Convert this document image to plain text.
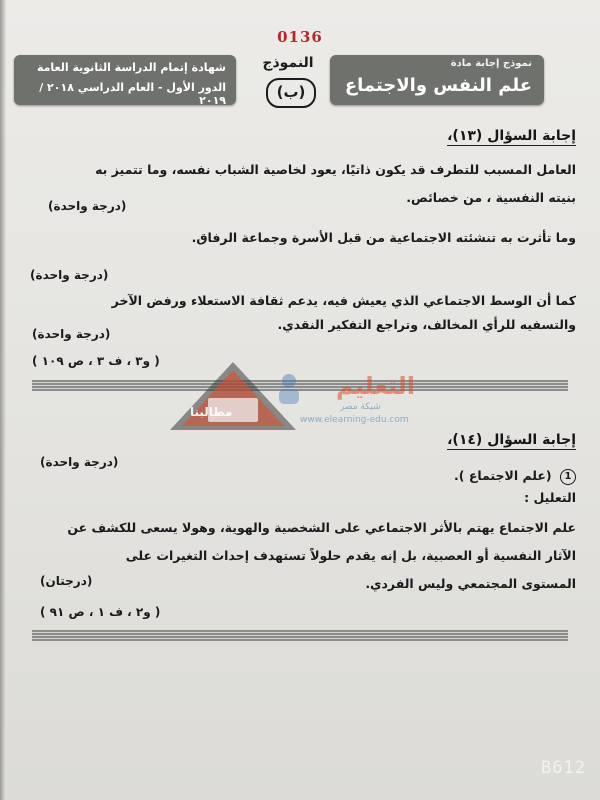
0136
نموذج إجابة مادة
علم النفس والاجتماع
النموذج
(ب)
شهادة إتمام الدراسة الثانوية العامة
الدور الأول - العام الدراسي ٢٠١٨ / ٢٠١٩
إجابة السؤال (١٣)،
العامل المسبب للتطرف قد يكون ذاتيًا، يعود لخاصية الشباب نفسه، وما تتميز به
بنيته النفسية ، من خصائص.
(درجة واحدة)
وما تأثرت به تنشئته الاجتماعية من قبل الأسرة وجماعة الرفاق.
(درجة واحدة)
كما أن الوسط الاجتماعي الذي يعيش فيه، يدعم ثقافة الاستعلاء ورفض الآخر
والتسفيه للرأي المخالف، وتراجع التفكير النقدي.
(درجة واحدة)
( و٣ ، ف ٣ ، ص ١٠٩ )
مطالبنا
التعليم
شبكة مصر
www.elearning-edu.com
إجابة السؤال (١٤)،
1 (علم الاجتماع ).
(درجة واحدة)
التعليل :
علم الاجتماع يهتم بالأثر الاجتماعي على الشخصية والهوية، وهولا يسعى للكشف عن
الآثار النفسية أو العصبية، بل إنه يقدم حلولاً تستهدف إحداث التغيرات على
المستوى المجتمعي وليس الفردي.
(درجتان)
( و٢ ، ف ١ ، ص ٩١ )
B612
